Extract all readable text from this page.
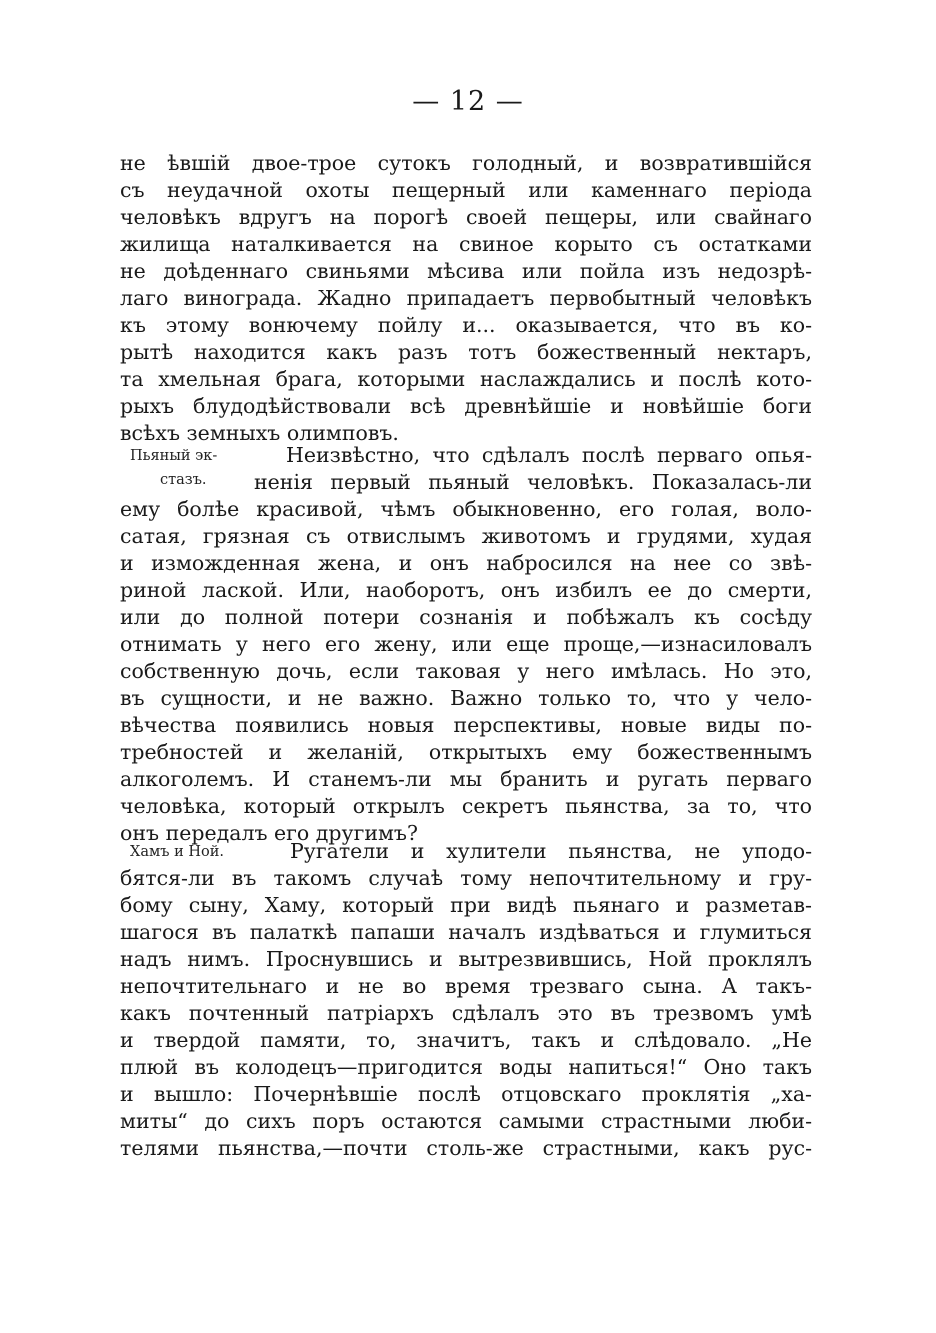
— 12 —
не ѣвшій двое-трое сутокъ голодный, и возвратившійся
съ неудачной охоты пещерный или каменнаго періода
человѣкъ вдругъ на порогѣ своей пещеры, или свайнаго
жилища наталкивается на свиное корыто съ остатками
не доѣденнаго свиньями мѣсива или пойла изъ недозрѣ-
лаго винограда. Жадно припадаетъ первобытный человѣкъ
къ этому вонючему пойлу и... оказывается, что въ ко-
рытѣ находится какъ разъ тотъ божественный нектаръ,
та хмельная брага, которыми наслаждались и послѣ кото-
рыхъ блудодѣйствовали всѣ древнѣйшіе и новѣйшіе боги
всѣхъ земныхъ олимповъ.
Пьяный эк-
стазъ.
Неизвѣстно, что сдѣлалъ послѣ перваго опья-
ненія первый пьяный человѣкъ. Показалась-ли
ему болѣе красивой, чѣмъ обыкновенно, его голая, воло-
сатая, грязная съ отвислымъ животомъ и грудями, худая
и изможденная жена, и онъ набросился на нее со звѣ-
риной лаской. Или, наоборотъ, онъ избилъ ее до смерти,
или до полной потери сознанія и побѣжалъ къ сосѣду
отнимать у него его жену, или еще проще,—изнасиловалъ
собственную дочь, если таковая у него имѣлась. Но это,
въ сущности, и не важно. Важно только то, что у чело-
вѣчества появились новыя перспективы, новые виды по-
требностей и желаній, открытыхъ ему божественнымъ
алкоголемъ. И станемъ-ли мы бранить и ругать перваго
человѣка, который открылъ секретъ пьянства, за то, что
онъ передалъ его другимъ?
Хамъ и Ной.	Ругатели и хулители пьянства, не уподо-
бятся-ли въ такомъ случаѣ тому непочтительному и гру-
бому сыну, Хаму, который при видѣ пьянаго и разметав-
шагося въ палаткѣ папаши началъ издѣваться и глумиться
надъ нимъ. Проснувшись и вытрезвившись, Ной проклялъ
непочтительнаго и не во время трезваго сына. А такъ-
какъ почтенный патріархъ сдѣлалъ это въ трезвомъ умѣ
и твердой памяти, то, значитъ, такъ и слѣдовало. „Не
плюй въ колодецъ—пригодится воды напиться!“ Оно такъ
и вышло: Почернѣвшіе послѣ отцовскаго проклятія „ха-
миты“ до сихъ поръ остаются самыми страстными люби-
телями пьянства,—почти столь-же страстными, какъ рус-
